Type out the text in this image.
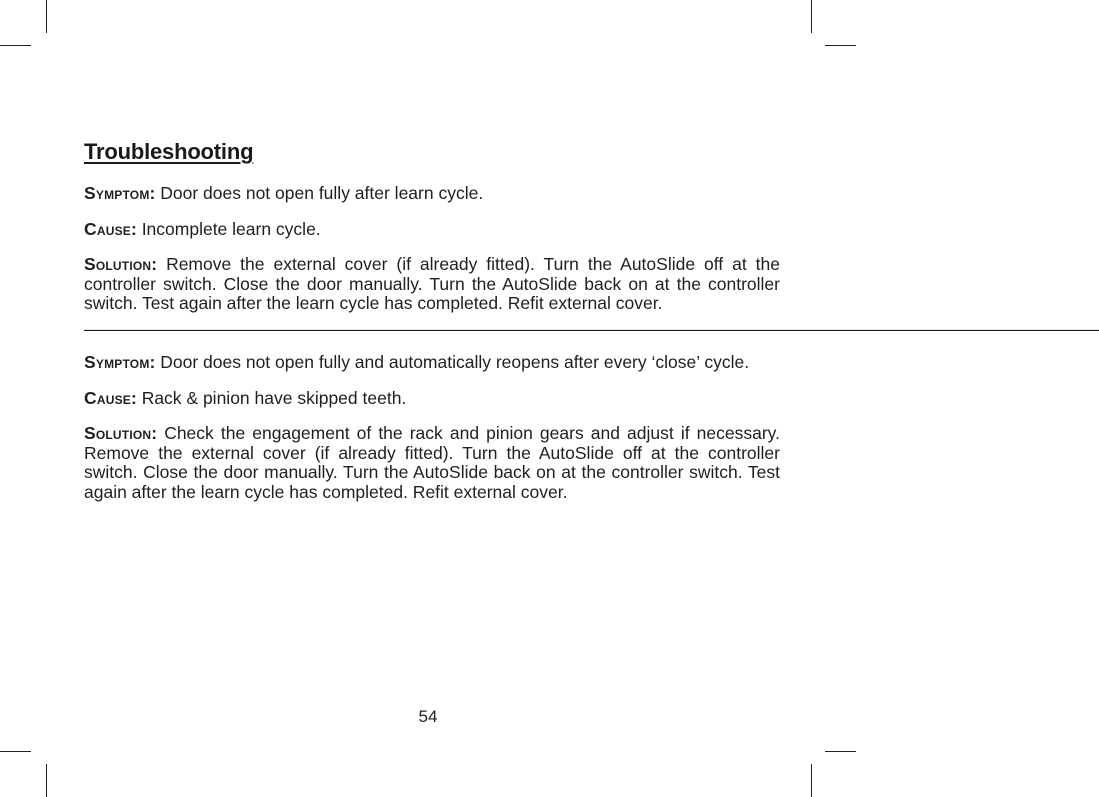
Troubleshooting

Symptom: Door does not open fully after learn cycle.

Cause: Incomplete learn cycle.

Solution: Remove the external cover (if already fitted). Turn the AutoSlide off at the controller switch. Close the door manually. Turn the AutoSlide back on at the controller switch. Test again after the learn cycle has completed. Refit external cover.

——————————————————————————————————————————————————————————

Symptom: Door does not open fully and automatically reopens after every ‘close’ cycle.

Cause: Rack & pinion have skipped teeth.

Solution: Check the engagement of the rack and pinion gears and adjust if necessary. Remove the external cover (if already fitted). Turn the AutoSlide off at the controller switch. Close the door manually. Turn the AutoSlide back on at the controller switch. Test again after the learn cycle has completed. Refit external cover.

54
